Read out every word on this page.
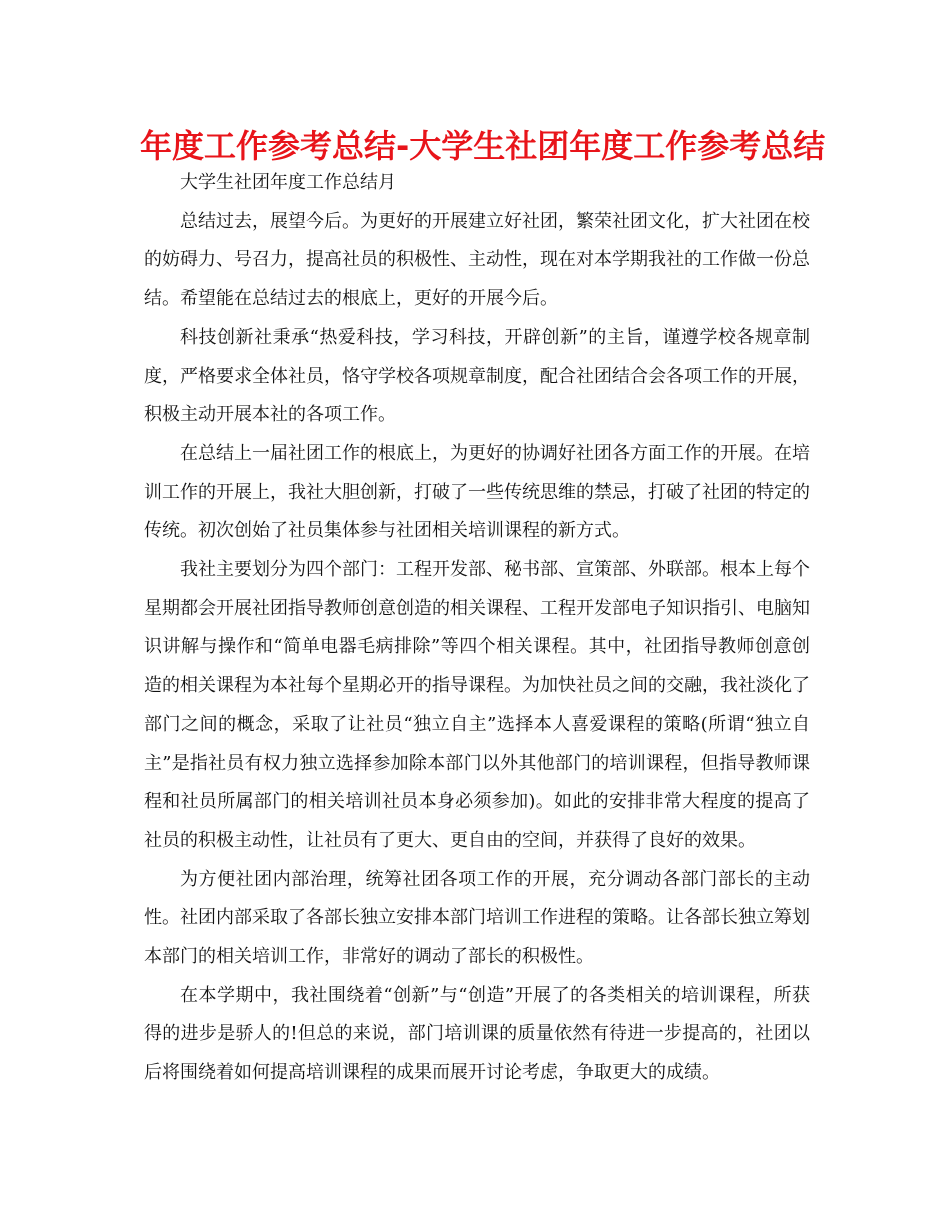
年度工作参考总结-大学生社团年度工作参考总结

大学生社团年度工作总结月

总结过去，展望今后。为更好的开展建立好社团，繁荣社团文化，扩大社团在校的妨碍力、号召力，提高社员的积极性、主动性，现在对本学期我社的工作做一份总结。希望能在总结过去的根底上，更好的开展今后。

科技创新社秉承“热爱科技，学习科技，开辟创新”的主旨，谨遵学校各规章制度，严格要求全体社员，恪守学校各项规章制度，配合社团结合会各项工作的开展，积极主动开展本社的各项工作。

在总结上一届社团工作的根底上，为更好的协调好社团各方面工作的开展。在培训工作的开展上，我社大胆创新，打破了一些传统思维的禁忌，打破了社团的特定的传统。初次创始了社员集体参与社团相关培训课程的新方式。

我社主要划分为四个部门：工程开发部、秘书部、宣策部、外联部。根本上每个星期都会开展社团指导教师创意创造的相关课程、工程开发部电子知识指引、电脑知识讲解与操作和“简单电器毛病排除”等四个相关课程。其中，社团指导教师创意创造的相关课程为本社每个星期必开的指导课程。为加快社员之间的交融，我社淡化了部门之间的概念，采取了让社员“独立自主”选择本人喜爱课程的策略(所谓“独立自主”是指社员有权力独立选择参加除本部门以外其他部门的培训课程，但指导教师课程和社员所属部门的相关培训社员本身必须参加)。如此的安排非常大程度的提高了社员的积极主动性，让社员有了更大、更自由的空间，并获得了良好的效果。

为方便社团内部治理，统筹社团各项工作的开展，充分调动各部门部长的主动性。社团内部采取了各部长独立安排本部门培训工作进程的策略。让各部长独立筹划本部门的相关培训工作，非常好的调动了部长的积极性。

在本学期中，我社围绕着“创新”与“创造”开展了的各类相关的培训课程，所获得的进步是骄人的!但总的来说，部门培训课的质量依然有待进一步提高的，社团以后将围绕着如何提高培训课程的成果而展开讨论考虑，争取更大的成绩。
